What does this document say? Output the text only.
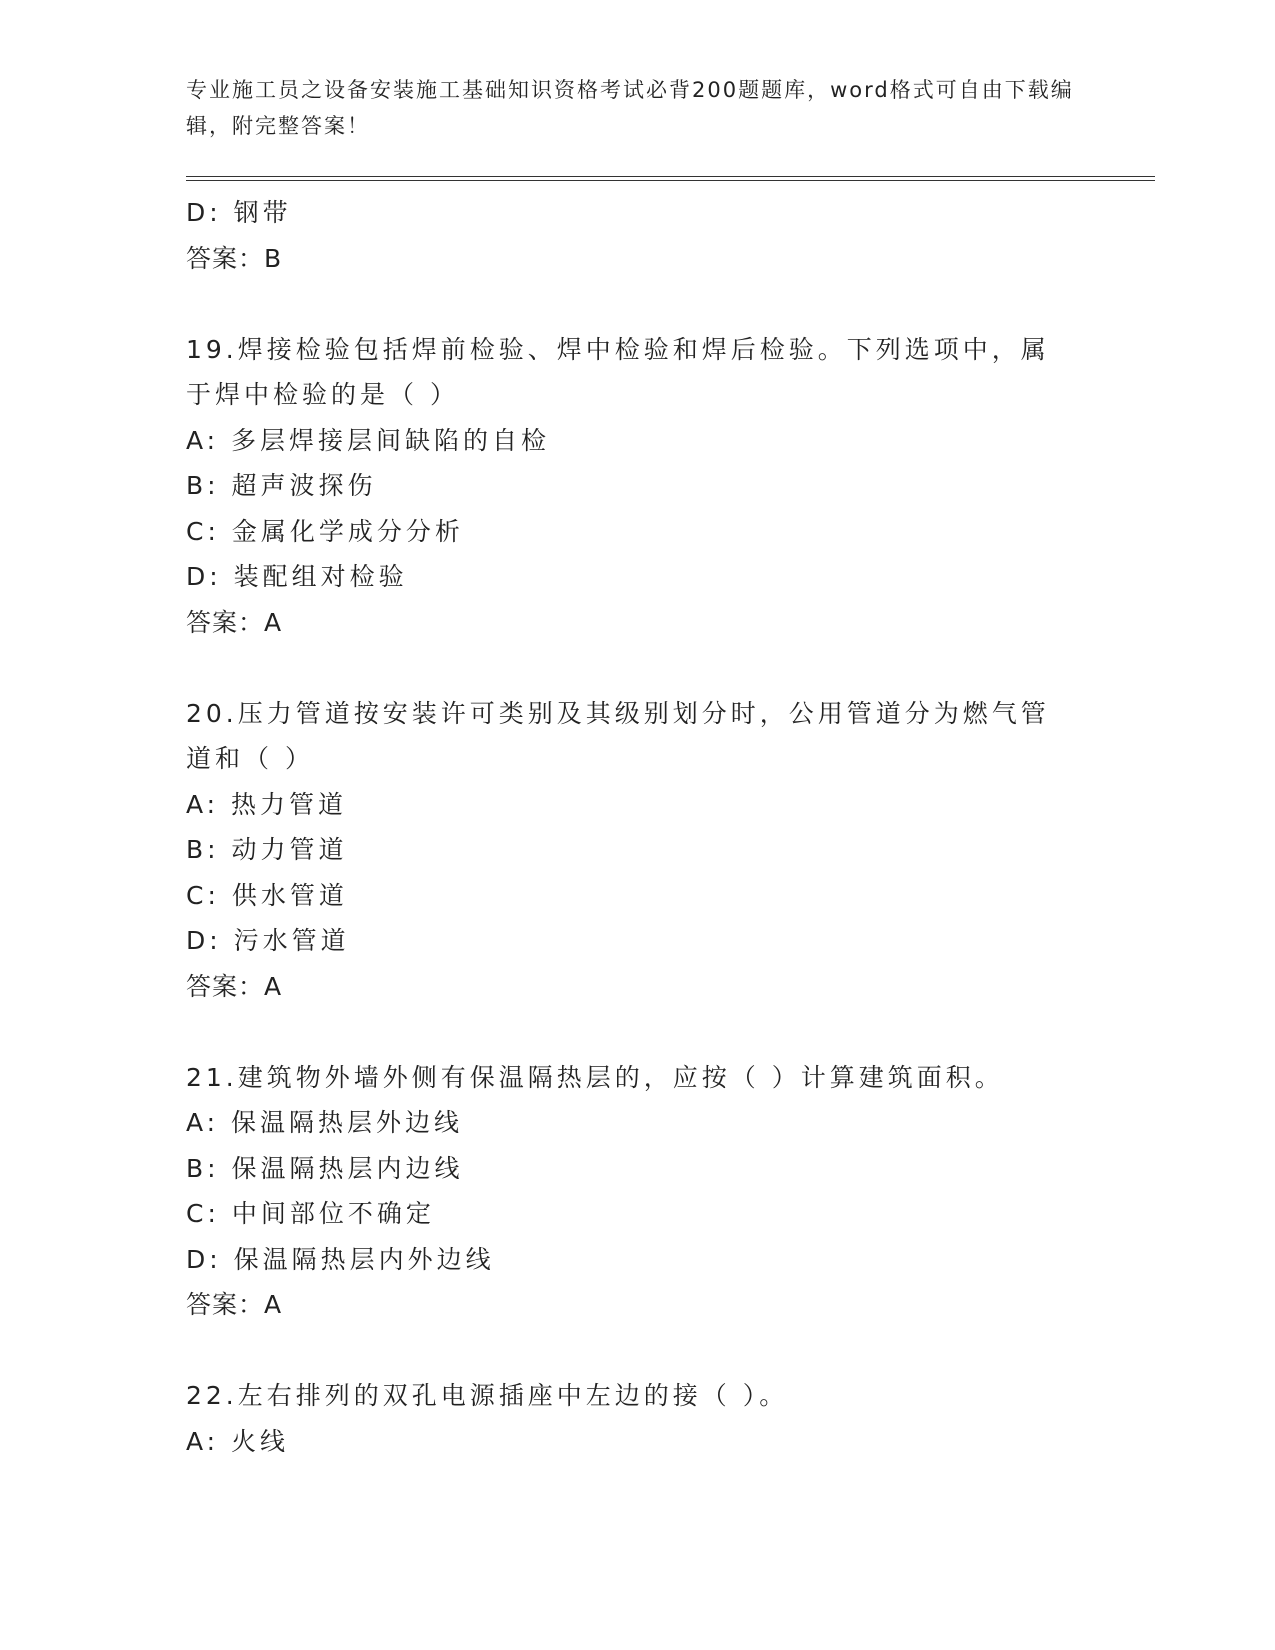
专业施工员之设备安装施工基础知识资格考试必背200题题库，word格式可自由下载编辑，附完整答案！
D: 钢带
答案：B
19.焊接检验包括焊前检验、焊中检验和焊后检验。下列选项中，属于焊中检验的是（ ）
A: 多层焊接层间缺陷的自检
B: 超声波探伤
C: 金属化学成分分析
D: 装配组对检验
答案：A
20.压力管道按安装许可类别及其级别划分时，公用管道分为燃气管道和（ ）
A: 热力管道
B: 动力管道
C: 供水管道
D: 污水管道
答案：A
21.建筑物外墙外侧有保温隔热层的，应按（ ）计算建筑面积。
A: 保温隔热层外边线
B: 保温隔热层内边线
C: 中间部位不确定
D: 保温隔热层内外边线
答案：A
22.左右排列的双孔电源插座中左边的接（ ）。
A: 火线
